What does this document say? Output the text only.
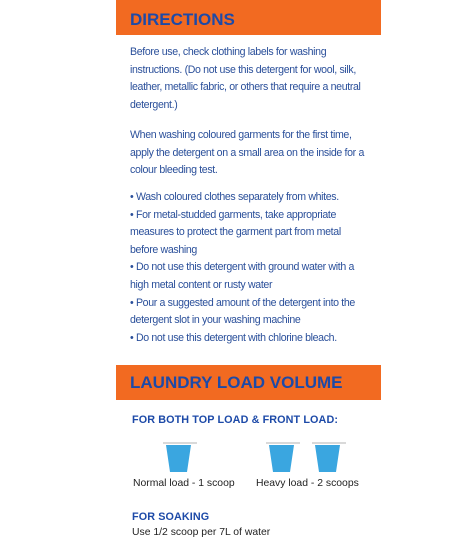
DIRECTIONS

Before use, check clothing labels for washing instructions. (Do not use this detergent for wool, silk, leather, metallic fabric, or others that require a neutral detergent.)

When washing coloured garments for the first time, apply the detergent on a small area on the inside for a colour bleeding test.

• Wash coloured clothes separately from whites.
• For metal-studded garments, take appropriate measures to protect the garment part from metal before washing
• Do not use this detergent with ground water with a high metal content or rusty water
• Pour a suggested amount of the detergent into the detergent slot in your washing machine
• Do not use this detergent with chlorine bleach.
LAUNDRY LOAD VOLUME
FOR BOTH TOP LOAD & FRONT LOAD:
Normal load - 1 scoop Heavy load - 2 scoops
FOR SOAKING
Use 1/2 scoop per 7L of water
